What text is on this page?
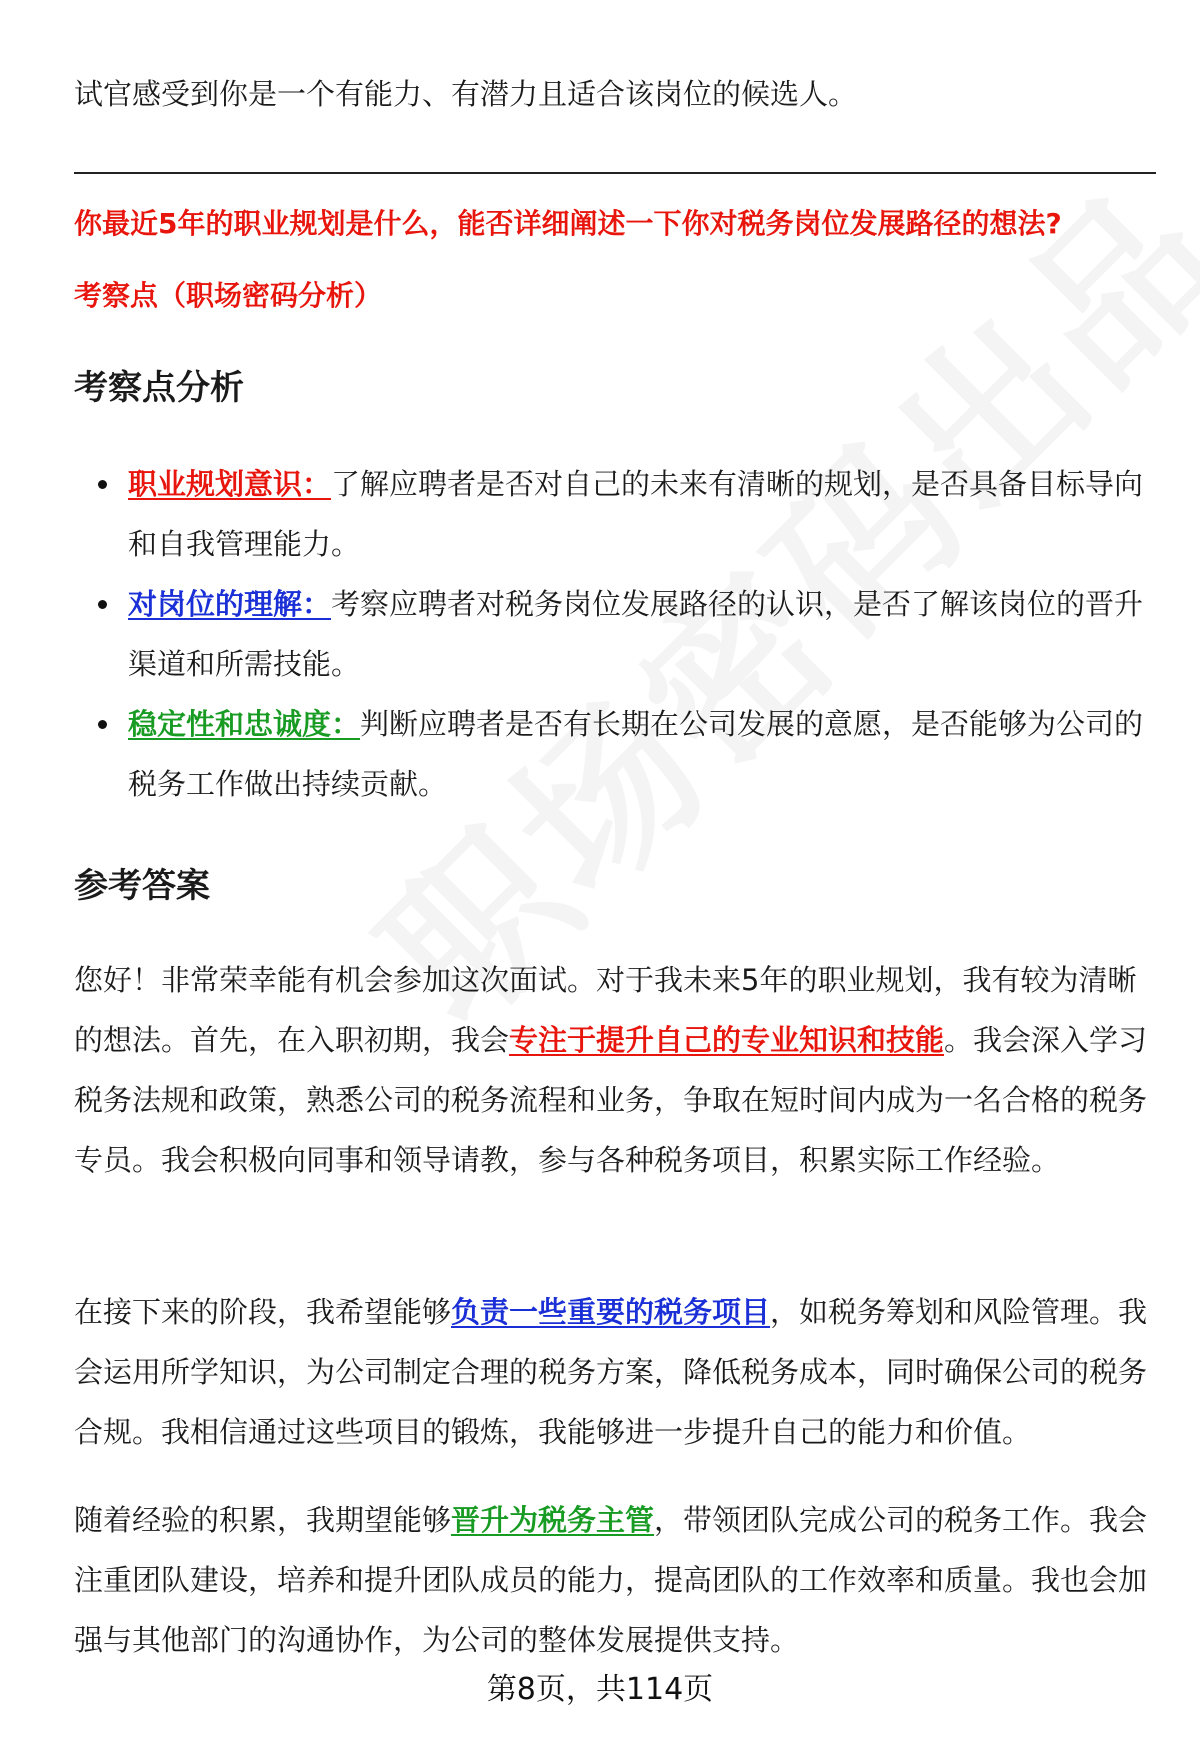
试官感受到你是一个有能力、有潜力且适合该岗位的候选人。

你最近5年的职业规划是什么，能否详细阐述一下你对税务岗位发展路径的想法?

考察点（职场密码分析）

考察点分析
职业规划意识：了解应聘者是否对自己的未来有清晰的规划，是否具备目标导向和自我管理能力。
对岗位的理解：考察应聘者对税务岗位发展路径的认识，是否了解该岗位的晋升渠道和所需技能。
稳定性和忠诚度：判断应聘者是否有长期在公司发展的意愿，是否能够为公司的税务工作做出持续贡献。
参考答案

您好！非常荣幸能有机会参加这次面试。对于我未来5年的职业规划，我有较为清晰的想法。首先，在入职初期，我会专注于提升自己的专业知识和技能。我会深入学习税务法规和政策，熟悉公司的税务流程和业务，争取在短时间内成为一名合格的税务专员。我会积极向同事和领导请教，参与各种税务项目，积累实际工作经验。

在接下来的阶段，我希望能够负责一些重要的税务项目，如税务筹划和风险管理。我会运用所学知识，为公司制定合理的税务方案，降低税务成本，同时确保公司的税务合规。我相信通过这些项目的锻炼，我能够进一步提升自己的能力和价值。

随着经验的积累，我期望能够晋升为税务主管，带领团队完成公司的税务工作。我会注重团队建设，培养和提升团队成员的能力，提高团队的工作效率和质量。我也会加强与其他部门的沟通协作，为公司的整体发展提供支持。

第8页，共114页
